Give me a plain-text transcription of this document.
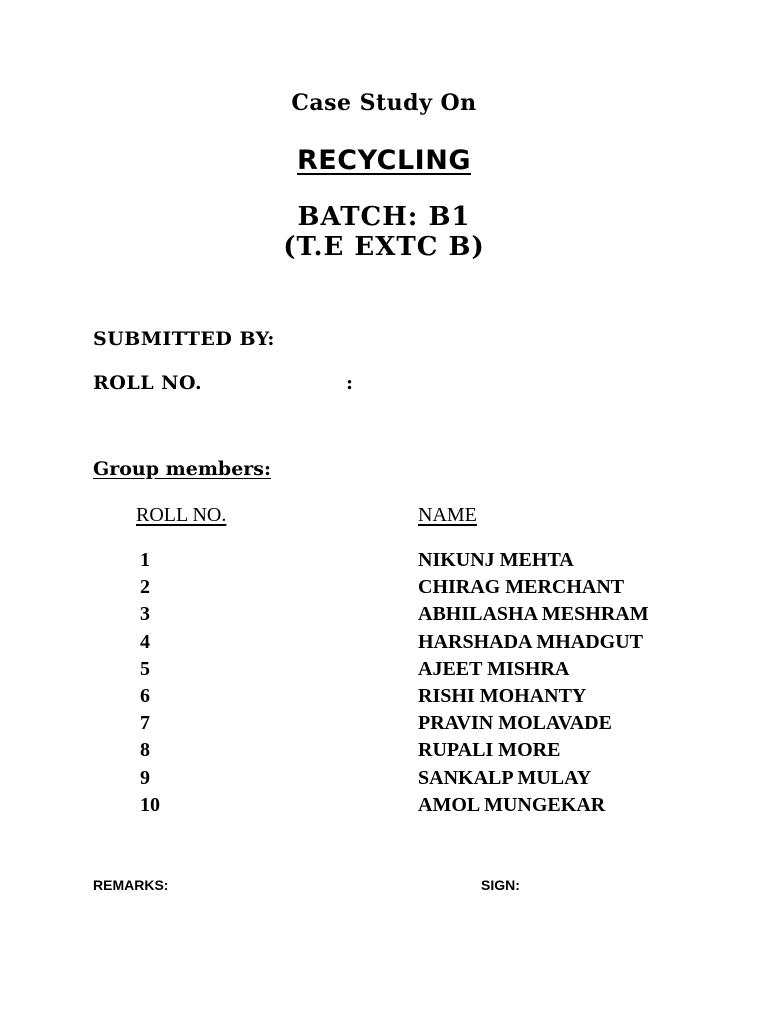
Case Study On
RECYCLING
BATCH: B1
(T.E EXTC B)
SUBMITTED BY:
ROLL NO.	:
Group members:
ROLL NO.	NAME
1	NIKUNJ MEHTA
2	CHIRAG MERCHANT
3	ABHILASHA MESHRAM
4	HARSHADA MHADGUT
5	AJEET MISHRA
6	RISHI MOHANTY
7	PRAVIN MOLAVADE
8	RUPALI MORE
9	SANKALP MULAY
10	AMOL MUNGEKAR
REMARKS:	SIGN:
